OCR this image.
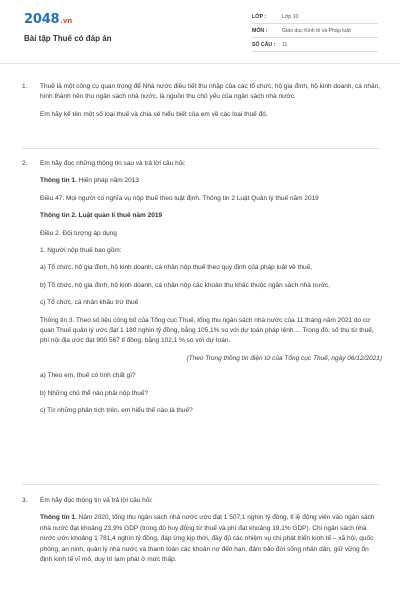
2048.vn
Bài tập Thuế có đáp án
LỚP :	Lớp 10
MÔN :	Giáo dục Kinh tế và Pháp luật
SỐ CÂU :	11
1. Thuế là một công cụ quan trọng để Nhà nước điều tiết thu nhập của các tổ chức, hộ gia đình, hộ kinh doanh, cá nhân, hình thành nên thu ngân sách nhà nước, là nguồn thu chủ yếu của ngân sách nhà nước.

Em hãy kể tên một số loại thuế và chia sẻ hiểu biết của em về các loại thuế đó.

2. Em hãy đọc những thông tin sau và trả lời câu hỏi:

Thông tin 1. Hiến pháp năm 2013

Điều 47. Mọi người có nghĩa vụ nộp thuế theo luật định. Thông tin 2 Luật Quản lý thuế năm 2019

Thông tin 2. Luật quản lí thuế năm 2019

Điều 2. Đối tượng áp dụng

1. Người nộp thuế bao gồm:

a) Tổ chức, hộ gia đình, hộ kinh doanh, cá nhân nộp thuế theo quy định của pháp luật về thuế,

b) Tổ chức, hộ gia đình, hộ kinh doanh, cá nhân nộp các khoản thu khác thuộc ngân sách nhà nước,

c) Tổ chức, cá nhân khấu trừ thuế

Thông tin 3. Theo số liệu công bố của Tổng cục Thuế, tổng thu ngân sách nhà nước của 11 tháng năm 2021 do cơ quan Thuế quản lý ước đạt 1 180 nghìn tỷ đồng, bằng 105,1% so với dự toán pháp lệnh.... Trong đó, số thu từ thuế, phí nội địa ước đạt 900 567 tỉ đồng, bằng 102,1 % so với dự toán.

(Theo Trung thông tin điện tử của Tổng cục Thuế, ngày 06/12/2021)

a) Theo em, thuế có tính chất gì?

b) Những chủ thể nào phải nộp thuế?

c) Từ những phân tích trên, em hiểu thế nào là thuế?

3. Em hãy đọc thông tin và trả lời câu hỏi:

Thông tin 1. Năm 2020, tổng thu ngân sách nhà nước ước đạt 1 507,1 nghìn tỷ đồng, tỉ lệ động viên vào ngân sách nhà nước đạt khoảng 23,9% GDP (trong đó huy động từ thuế và phí đạt khoảng 19,1% GDP). Chi ngân sách nhà nước ước khoảng 1 781,4 nghìn tỷ đồng, đáp ứng kịp thời, đầy đủ các nhiệm vụ chi phát triển kinh tế – xã hội, quốc phòng, an ninh, quản lý nhà nước và thanh toán các khoản nợ đến hạn, đảm bảo đời sống nhân dân, giữ vững ổn định kinh tế vĩ mô, duy trì lạm phát ở mức thấp.
